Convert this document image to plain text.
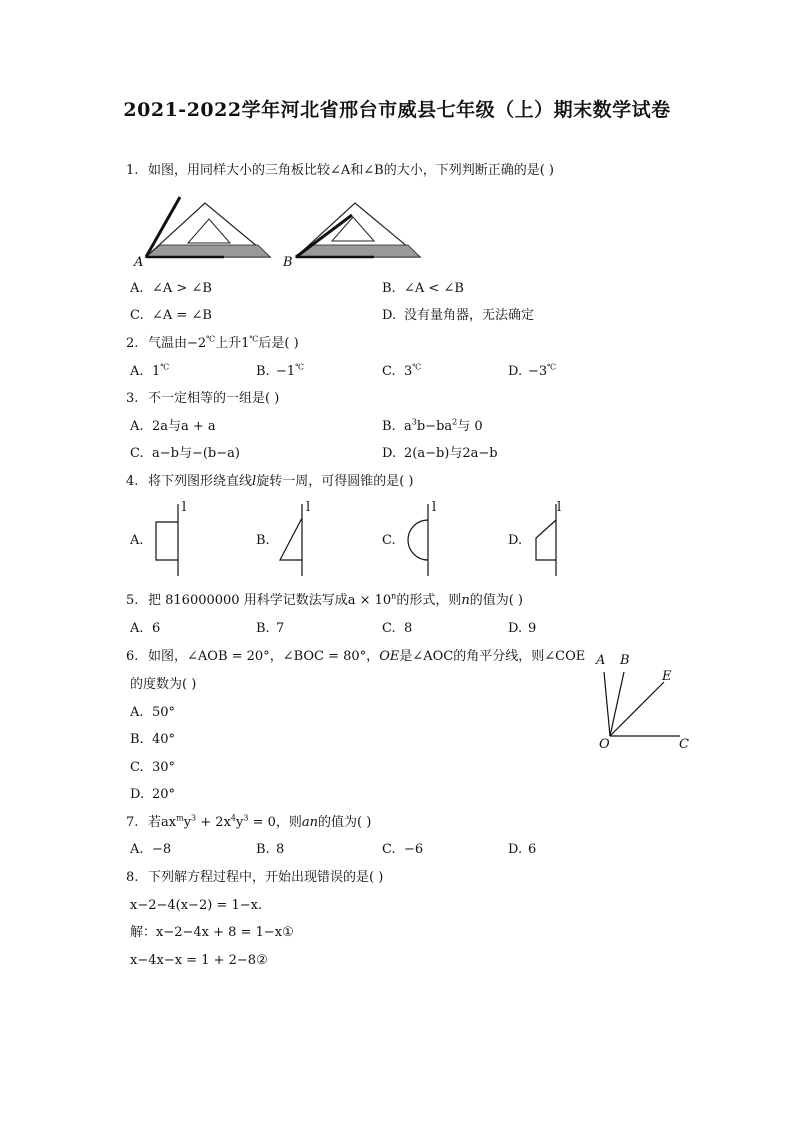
2021-2022学年河北省邢台市威县七年级（上）期末数学试卷
1. 如图，用同样大小的三角板比较∠A和∠B的大小，下列判断正确的是( )
A	B
A. ∠A > ∠B	B. ∠A < ∠B
C. ∠A = ∠B	D. 没有量角器，无法确定
2. 气温由−2℃上升1℃后是( )
A. 1℃	B. −1℃	C. 3℃	D. −3℃
3. 不一定相等的一组是( )
A. 2a与a + a	B. $a^3b-ba^2$与 0
C. a−b与−(b−a)	D. 2(a−b)与2a−b
4. 将下列图形绕直线l旋转一周，可得圆锥的是( )
A.
l
B.
l
C.
l
D.
l
5. 把 816000000 用科学记数法写成$a \times 10^n$的形式，则n的值为( )
A. 6	B. 7	C. 8	D. 9
6. 如图，∠AOB = 20°，∠BOC = 80°，OE是∠AOC的角平分线，则∠COE
的度数为( )
A B
E
O	C
A. 50°
B. 40°
C. 30°
D. 20°
7. 若$ax^my^3 + 2x^4y^3 = 0$，则an的值为( )
A. −8	B. 8	C. −6	D. 6
8. 下列解方程过程中，开始出现错误的是( )
x−2−4(x−2) = 1−x.
解：x−2−4x + 8 = 1−x①
x−4x−x = 1 + 2−8②
